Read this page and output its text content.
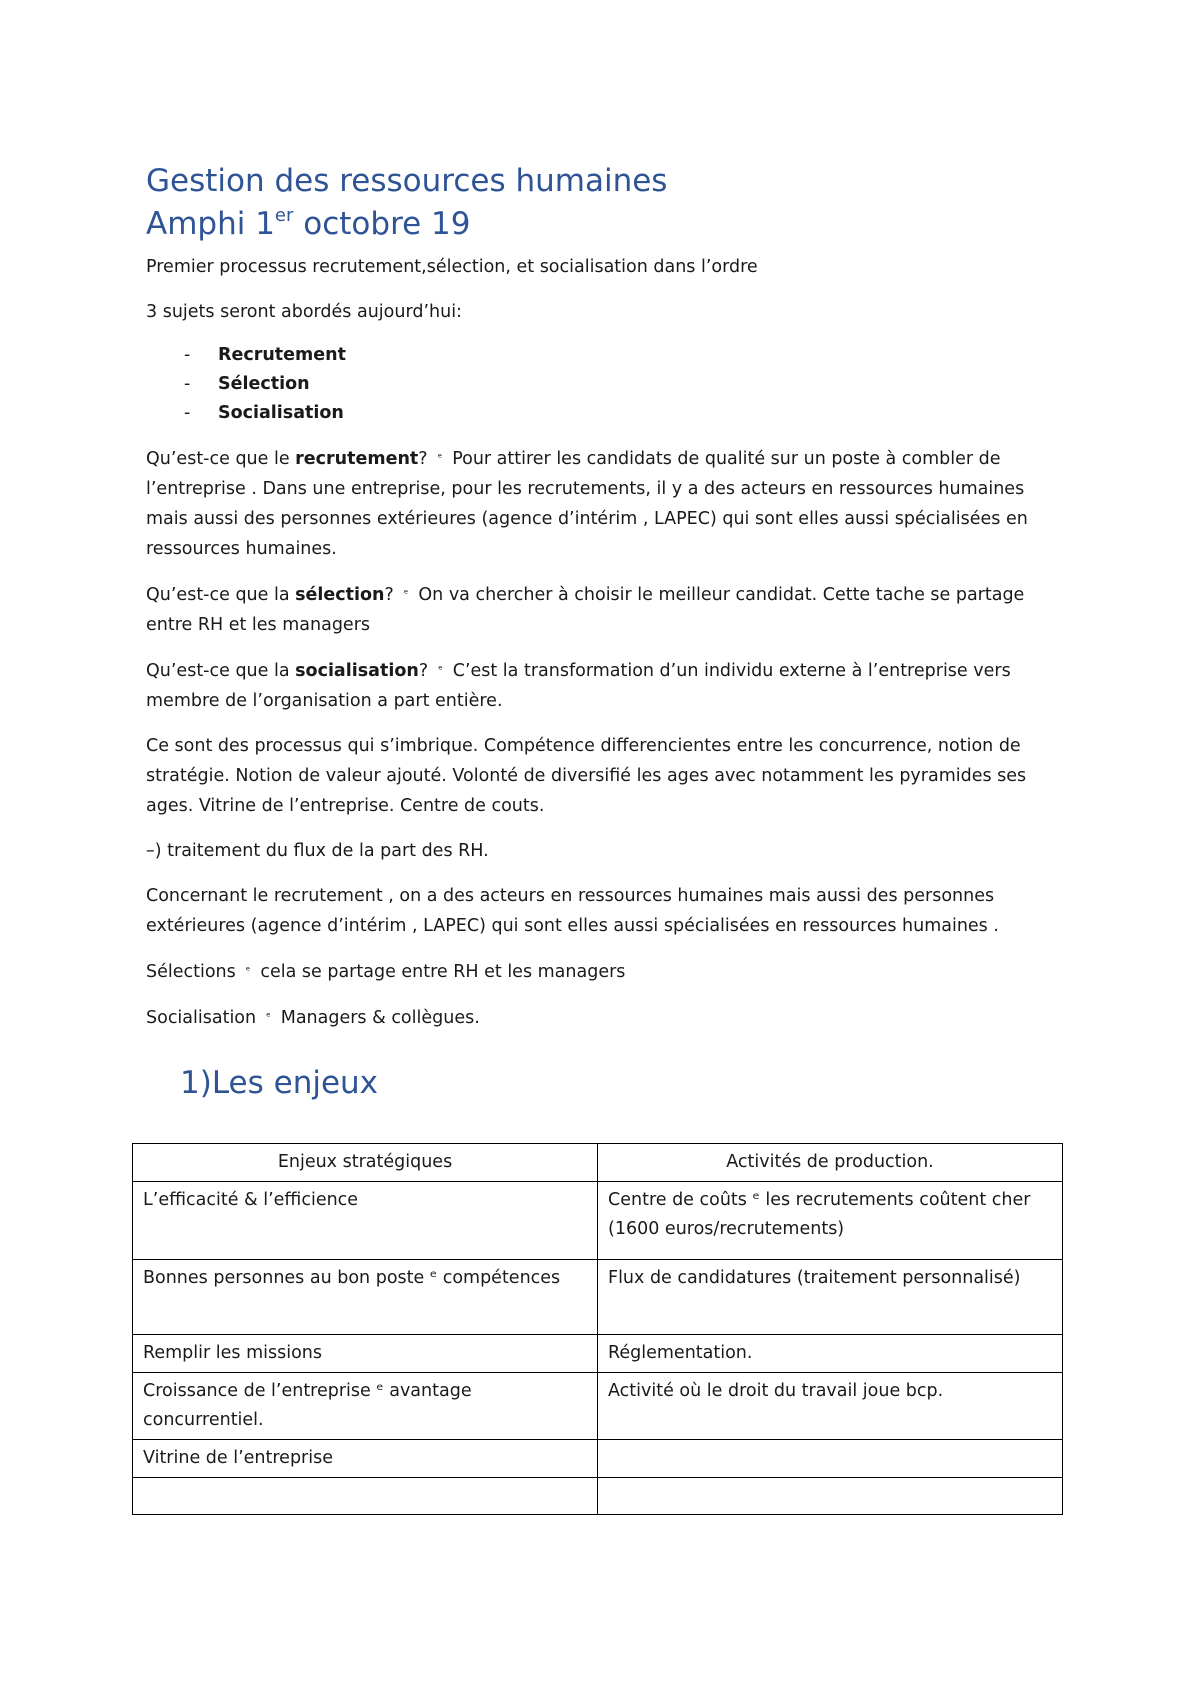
Gestion des ressources humaines
Amphi 1er octobre 19

Premier processus recrutement,sélection, et socialisation dans l’ordre

3 sujets seront abordés aujourd’hui:

- Recrutement
- Sélection
- Socialisation

Qu’est-ce que le recrutement? ᵉ Pour attirer les candidats de qualité sur un poste à combler de l’entreprise . Dans une entreprise, pour les recrutements, il y a des acteurs en ressources humaines mais aussi des personnes extérieures (agence d’intérim , LAPEC) qui sont elles aussi spécialisées en ressources humaines.

Qu’est-ce que la sélection? ᵉ On va chercher à choisir le meilleur candidat. Cette tache se partage entre RH et les managers

Qu’est-ce que la socialisation? ᵉ C’est la transformation d’un individu externe à l’entreprise vers membre de l’organisation a part entière.

Ce sont des processus qui s’imbrique. Compétence differencientes entre les concurrence, notion de stratégie. Notion de valeur ajouté. Volonté de diversifié les ages avec notamment les pyramides ses ages. Vitrine de l’entreprise. Centre de couts.

–) traitement du flux de la part des RH.

Concernant le recrutement , on a des acteurs en ressources humaines mais aussi des personnes extérieures (agence d’intérim , LAPEC) qui sont elles aussi spécialisées en ressources humaines .

Sélections ᵉ cela se partage entre RH et les managers

Socialisation ᵉ Managers & collègues.

1)Les enjeux
Enjeux stratégiques	Activités de production.
L’efficacité & l’efficience	Centre de coûts ᵉ les recrutements coûtent cher (1600 euros/recrutements)
Bonnes personnes au bon poste ᵉ compétences	Flux de candidatures (traitement personnalisé)
Remplir les missions	Réglementation.
Croissance de l’entreprise ᵉ avantage concurrentiel.	Activité où le droit du travail joue bcp.
Vitrine de l’entreprise	
